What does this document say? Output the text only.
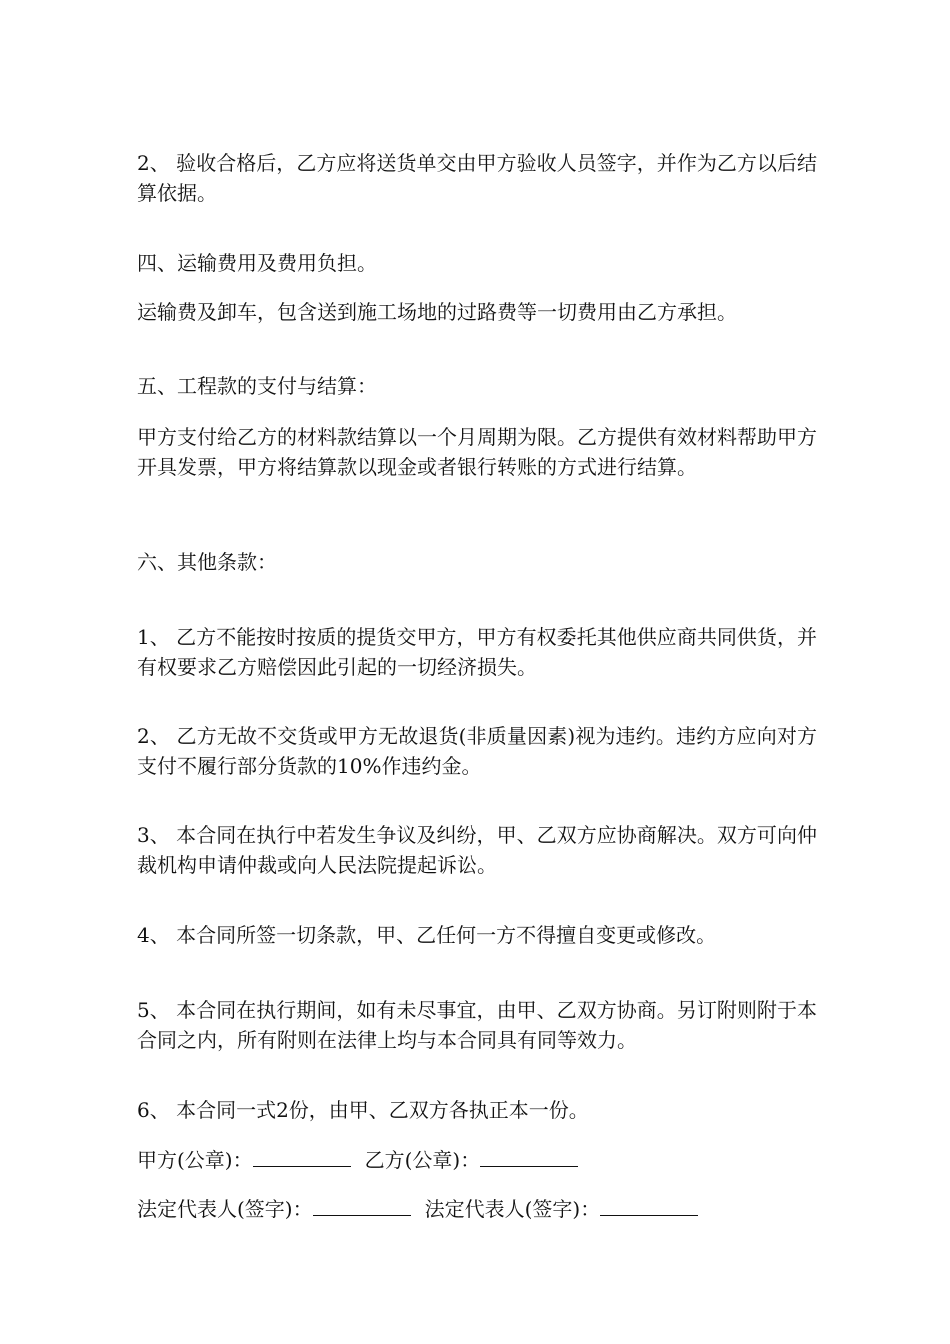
2、 验收合格后，乙方应将送货单交由甲方验收人员签字，并作为乙方以后结算依据。

四、运输费用及费用负担。

运输费及卸车，包含送到施工场地的过路费等一切费用由乙方承担。

五、工程款的支付与结算：

甲方支付给乙方的材料款结算以一个月周期为限。乙方提供有效材料帮助甲方开具发票，甲方将结算款以现金或者银行转账的方式进行结算。

六、其他条款：

1、 乙方不能按时按质的提货交甲方，甲方有权委托其他供应商共同供货，并有权要求乙方赔偿因此引起的一切经济损失。

2、 乙方无故不交货或甲方无故退货(非质量因素)视为违约。违约方应向对方支付不履行部分货款的10%作违约金。

3、 本合同在执行中若发生争议及纠纷，甲、乙双方应协商解决。双方可向仲裁机构申请仲裁或向人民法院提起诉讼。

4、 本合同所签一切条款，甲、乙任何一方不得擅自变更或修改。

5、 本合同在执行期间，如有未尽事宜，由甲、乙双方协商。另订附则附于本合同之内，所有附则在法律上均与本合同具有同等效力。

6、 本合同一式2份，由甲、乙双方各执正本一份。

甲方(公章)：	乙方(公章)：
法定代表人(签字)：	法定代表人(签字)：
